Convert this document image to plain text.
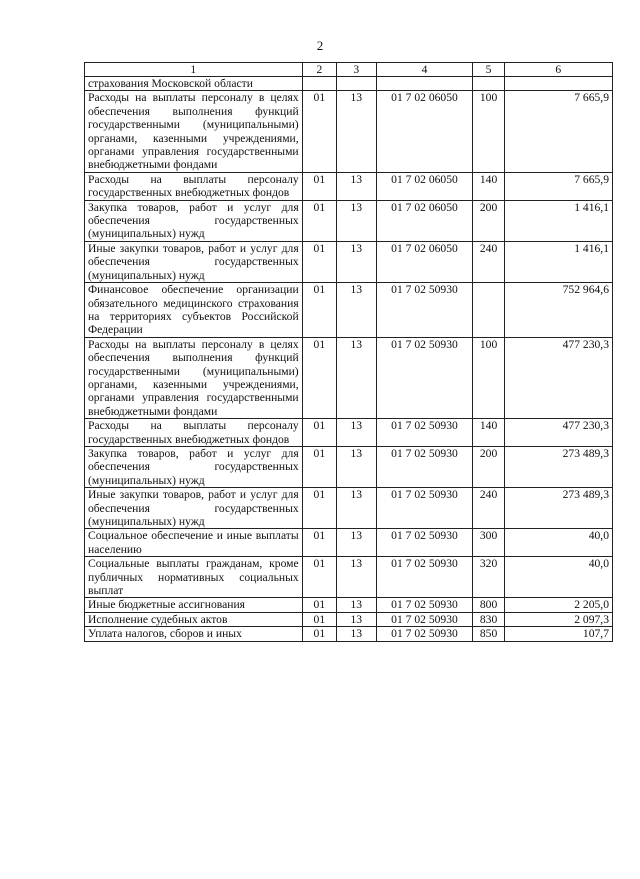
2
1	2	3	4	5	6
страхования Московской области					
Расходы на выплаты персоналу в целях обеспечения выполнения функций государственными (муниципальными) органами, казенными учреждениями, органами управления государственными внебюджетными фондами	01	13	01 7 02 06050	100	7 665,9
Расходы на выплаты персоналу государственных внебюджетных фондов	01	13	01 7 02 06050	140	7 665,9
Закупка товаров, работ и услуг для обеспечения государственных (муниципальных) нужд	01	13	01 7 02 06050	200	1 416,1
Иные закупки товаров, работ и услуг для обеспечения государственных (муниципальных) нужд	01	13	01 7 02 06050	240	1 416,1
Финансовое обеспечение организации обязательного медицинского страхования на территориях субъектов Российской Федерации	01	13	01 7 02 50930		752 964,6
Расходы на выплаты персоналу в целях обеспечения выполнения функций государственными (муниципальными) органами, казенными учреждениями, органами управления государственными внебюджетными фондами	01	13	01 7 02 50930	100	477 230,3
Расходы на выплаты персоналу государственных внебюджетных фондов	01	13	01 7 02 50930	140	477 230,3
Закупка товаров, работ и услуг для обеспечения государственных (муниципальных) нужд	01	13	01 7 02 50930	200	273 489,3
Иные закупки товаров, работ и услуг для обеспечения государственных (муниципальных) нужд	01	13	01 7 02 50930	240	273 489,3
Социальное обеспечение и иные выплаты населению	01	13	01 7 02 50930	300	40,0
Социальные выплаты гражданам, кроме публичных нормативных социальных выплат	01	13	01 7 02 50930	320	40,0
Иные бюджетные ассигнования	01	13	01 7 02 50930	800	2 205,0
Исполнение судебных актов	01	13	01 7 02 50930	830	2 097,3
Уплата налогов, сборов и иных	01	13	01 7 02 50930	850	107,7
